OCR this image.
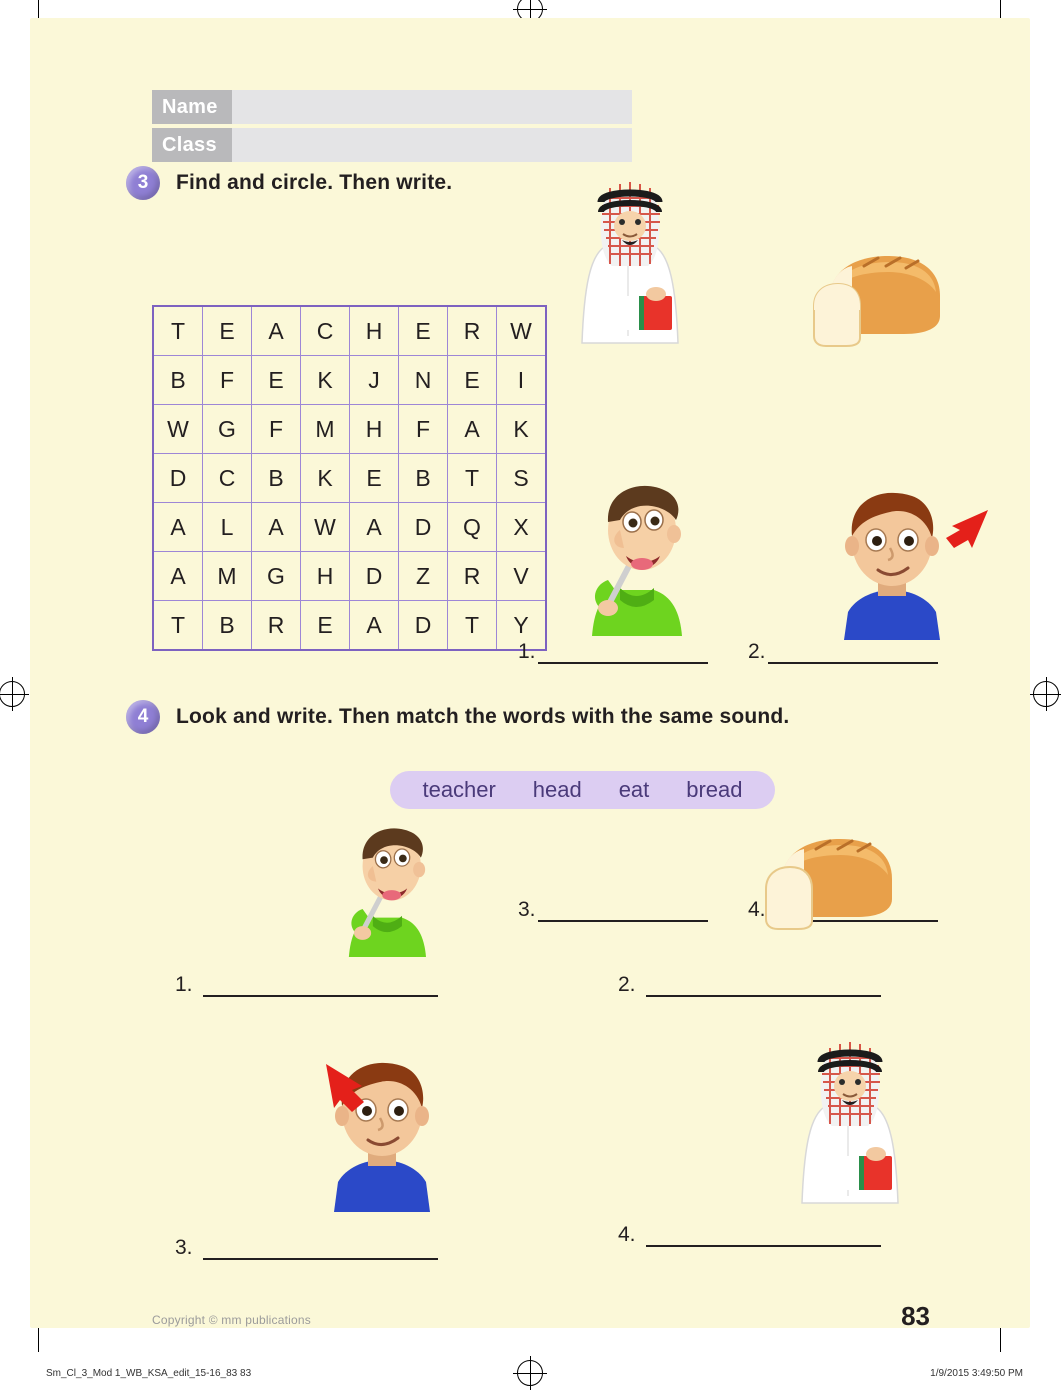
Name
Class
3	Find and circle. Then write.
T	E	A	C	H	E	R	W
B	F	E	K	J	N	E	I
W	G	F	M	H	F	A	K
D	C	B	K	E	B	T	S
A	L	A	W	A	D	Q	X
A	M	G	H	D	Z	R	V
T	B	R	E	A	D	T	Y
1.	2.
3.	4.
4	Look and write. Then match the words with the same sound.
teacher head eat bread
1.	2.
3.
4.
Copyright © mm publications	83
Sm_Cl_3_Mod 1_WB_KSA_edit_15-16_83 83	1/9/2015 3:49:50 PM
